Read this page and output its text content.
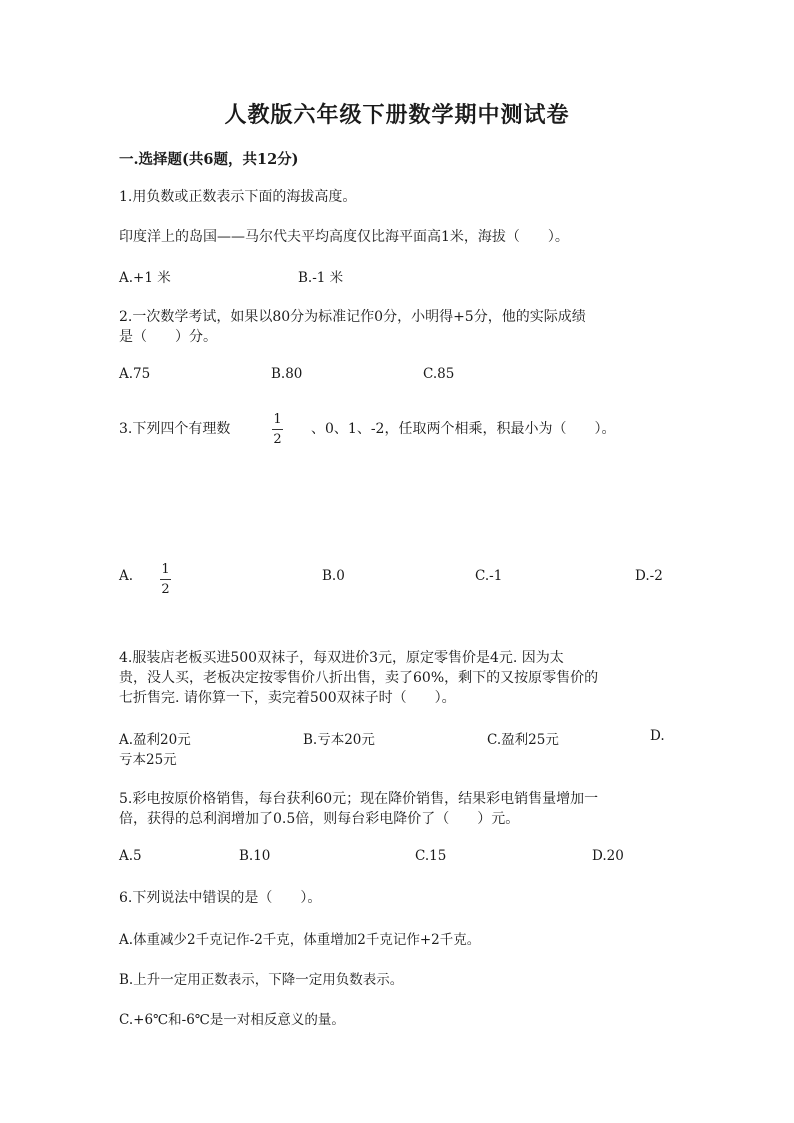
人教版六年级下册数学期中测试卷
一.选择题(共6题，共12分)
1.用负数或正数表示下面的海拔高度。
印度洋上的岛国——马尔代夫平均高度仅比海平面高1米，海拔（　　）。
A.+1 米	B.-1 米
2.一次数学考试，如果以80分为标准记作0分，小明得+5分，他的实际成绩
是（　　）分。
A.75	B.80	C.85
3.下列四个有理数
1
2
、0、1、-2，任取两个相乘，积最小为（　　）。
A. 1
2
B.0	C.-1	D.-2
4.服装店老板买进500双袜子，每双进价3元，原定零售价是4元. 因为太
贵，没人买，老板决定按零售价八折出售，卖了60%，剩下的又按原零售价的
七折售完. 请你算一下，卖完着500双袜子时（　　）。
A.盈利20元	B.亏本20元	C.盈利25元	D.
亏本25元
5.彩电按原价格销售，每台获利60元；现在降价销售，结果彩电销售量增加一
倍，获得的总利润增加了0.5倍，则每台彩电降价了（　　）元。
A.5	B.10	C.15	D.20
6.下列说法中错误的是（　　）。
A.体重减少2千克记作-2千克，体重增加2千克记作+2千克。
B.上升一定用正数表示，下降一定用负数表示。
C.+6℃和-6℃是一对相反意义的量。
